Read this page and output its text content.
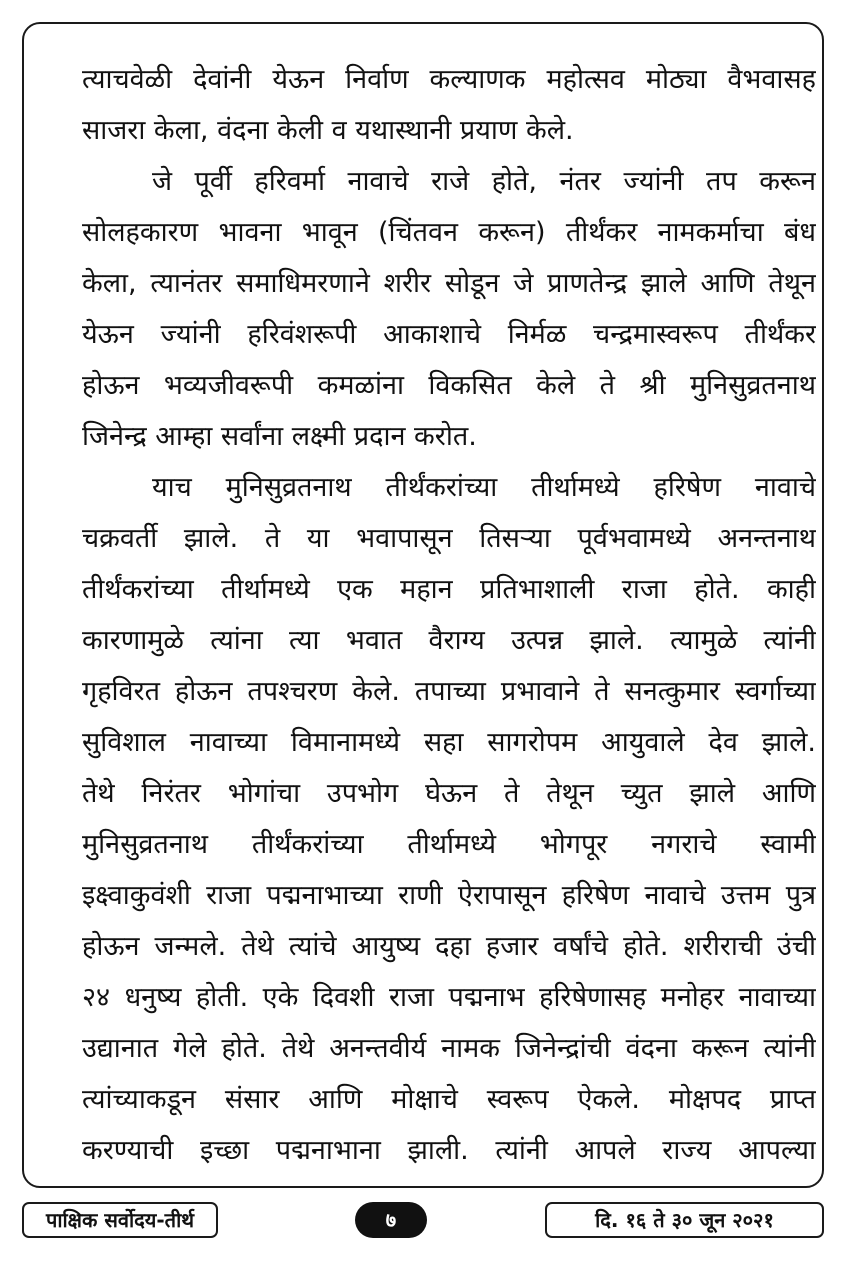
त्याचवेळी देवांनी येऊन निर्वाण कल्याणक महोत्सव मोठ्या वैभवासह
साजरा केला, वंदना केली व यथास्थानी प्रयाण केले.
जे पूर्वी हरिवर्मा नावाचे राजे होते, नंतर ज्यांनी तप करून
सोलहकारण भावना भावून (चिंतवन करून) तीर्थंकर नामकर्माचा बंध
केला, त्यानंतर समाधिमरणाने शरीर सोडून जे प्राणतेन्द्र झाले आणि तेथून
येऊन ज्यांनी हरिवंशरूपी आकाशाचे निर्मळ चन्द्रमास्वरूप तीर्थंकर
होऊन भव्यजीवरूपी कमळांना विकसित केले ते श्री मुनिसुव्रतनाथ
जिनेन्द्र आम्हा सर्वांना लक्ष्मी प्रदान करोत.
याच मुनिसुव्रतनाथ तीर्थंकरांच्या तीर्थामध्ये हरिषेण नावाचे
चक्रवर्ती झाले. ते या भवापासून तिसऱ्या पूर्वभवामध्ये अनन्तनाथ
तीर्थंकरांच्या तीर्थामध्ये एक महान प्रतिभाशाली राजा होते. काही
कारणामुळे त्यांना त्या भवात वैराग्य उत्पन्न झाले. त्यामुळे त्यांनी
गृहविरत होऊन तपश्चरण केले. तपाच्या प्रभावाने ते सनत्कुमार स्वर्गाच्या
सुविशाल नावाच्या विमानामध्ये सहा सागरोपम आयुवाले देव झाले.
तेथे निरंतर भोगांचा उपभोग घेऊन ते तेथून च्युत झाले आणि
मुनिसुव्रतनाथ तीर्थंकरांच्या तीर्थामध्ये भोगपूर नगराचे स्वामी
इक्ष्वाकुवंशी राजा पद्मनाभाच्या राणी ऐरापासून हरिषेण नावाचे उत्तम पुत्र
होऊन जन्मले. तेथे त्यांचे आयुष्य दहा हजार वर्षांचे होते. शरीराची उंची
२४ धनुष्य होती. एके दिवशी राजा पद्मनाभ हरिषेणासह मनोहर नावाच्या
उद्यानात गेले होते. तेथे अनन्तवीर्य नामक जिनेन्द्रांची वंदना करून त्यांनी
त्यांच्याकडून संसार आणि मोक्षाचे स्वरूप ऐकले. मोक्षपद प्राप्त
करण्याची इच्छा पद्मनाभाना झाली. त्यांनी आपले राज्य आपल्या
पाक्षिक सर्वोदय-तीर्थ	७	दि. १६ ते ३० जून २०२१
